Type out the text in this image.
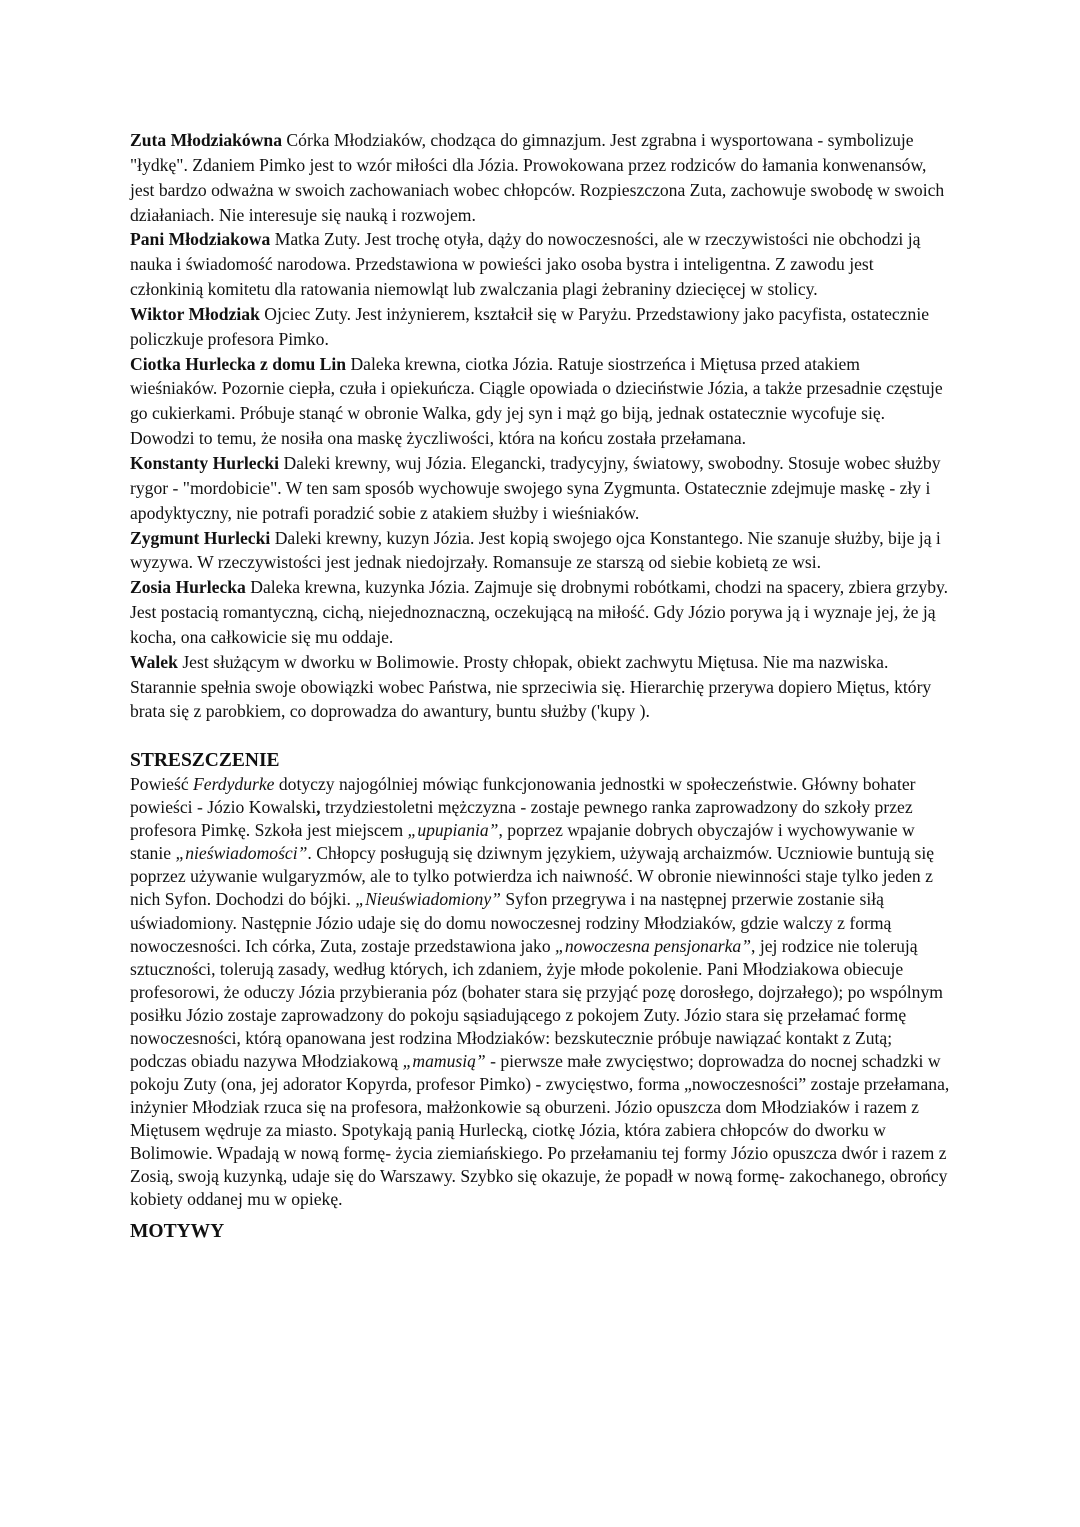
Zuta Młodziakówna Córka Młodziaków, chodząca do gimnazjum. Jest zgrabna i wysportowana - symbolizuje "łydkę". Zdaniem Pimko jest to wzór miłości dla Józia. Prowokowana przez rodziców do łamania konwenansów, jest bardzo odważna w swoich zachowaniach wobec chłopców. Rozpieszczona Zuta, zachowuje swobodę w swoich działaniach. Nie interesuje się nauką i rozwojem.

Pani Młodziakowa Matka Zuty. Jest trochę otyła, dąży do nowoczesności, ale w rzeczywistości nie obchodzi ją nauka i świadomość narodowa. Przedstawiona w powieści jako osoba bystra i inteligentna. Z zawodu jest członkinią komitetu dla ratowania niemowląt lub zwalczania plagi żebraniny dziecięcej w stolicy.

Wiktor Młodziak Ojciec Zuty. Jest inżynierem, kształcił się w Paryżu. Przedstawiony jako pacyfista, ostatecznie policzkuje profesora Pimko.

Ciotka Hurlecka z domu Lin Daleka krewna, ciotka Józia. Ratuje siostrzeńca i Miętusa przed atakiem wieśniaków. Pozornie ciepła, czuła i opiekuńcza. Ciągle opowiada o dzieciństwie Józia, a także przesadnie częstuje go cukierkami. Próbuje stanąć w obronie Walka, gdy jej syn i mąż go biją, jednak ostatecznie wycofuje się. Dowodzi to temu, że nosiła ona maskę życzliwości, która na końcu została przełamana.

Konstanty Hurlecki Daleki krewny, wuj Józia. Elegancki, tradycyjny, światowy, swobodny. Stosuje wobec służby rygor - "mordobicie". W ten sam sposób wychowuje swojego syna Zygmunta. Ostatecznie zdejmuje maskę - zły i apodyktyczny, nie potrafi poradzić sobie z atakiem służby i wieśniaków.

Zygmunt Hurlecki Daleki krewny, kuzyn Józia. Jest kopią swojego ojca Konstantego. Nie szanuje służby, bije ją i wyzywa. W rzeczywistości jest jednak niedojrzały. Romansuje ze starszą od siebie kobietą ze wsi.

Zosia Hurlecka Daleka krewna, kuzynka Józia. Zajmuje się drobnymi robótkami, chodzi na spacery, zbiera grzyby. Jest postacią romantyczną, cichą, niejednoznaczną, oczekującą na miłość. Gdy Józio porywa ją i wyznaje jej, że ją kocha, ona całkowicie się mu oddaje.

Walek Jest służącym w dworku w Bolimowie. Prosty chłopak, obiekt zachwytu Miętusa. Nie ma nazwiska. Starannie spełnia swoje obowiązki wobec Państwa, nie sprzeciwia się. Hierarchię przerywa dopiero Miętus, który brata się z parobkiem, co doprowadza do awantury, buntu służby ('kupy ).

STRESZCZENIE

Powieść Ferdydurke dotyczy najogólniej mówiąc funkcjonowania jednostki w społeczeństwie. Główny bohater powieści - Józio Kowalski, trzydziestoletni mężczyzna - zostaje pewnego ranka zaprowadzony do szkoły przez profesora Pimkę. Szkoła jest miejscem „upupiania”, poprzez wpajanie dobrych obyczajów i wychowywanie w stanie „nieświadomości”. Chłopcy posługują się dziwnym językiem, używają archaizmów. Uczniowie buntują się poprzez używanie wulgaryzmów, ale to tylko potwierdza ich naiwność. W obronie niewinności staje tylko jeden z nich Syfon. Dochodzi do bójki. „Nieuświadomiony” Syfon przegrywa i na następnej przerwie zostanie siłą uświadomiony. Następnie Józio udaje się do domu nowoczesnej rodziny Młodziaków, gdzie walczy z formą nowoczesności. Ich córka, Zuta, zostaje przedstawiona jako „nowoczesna pensjonarka”, jej rodzice nie tolerują sztuczności, tolerują zasady, według których, ich zdaniem, żyje młode pokolenie. Pani Młodziakowa obiecuje profesorowi, że oduczy Józia przybierania póz (bohater stara się przyjąć pozę dorosłego, dojrzałego); po wspólnym posiłku Józio zostaje zaprowadzony do pokoju sąsiadującego z pokojem Zuty. Józio stara się przełamać formę nowoczesności, którą opanowana jest rodzina Młodziaków: bezskutecznie próbuje nawiązać kontakt z Zutą; podczas obiadu nazywa Młodziakową „mamusią” - pierwsze małe zwycięstwo; doprowadza do nocnej schadzki w pokoju Zuty (ona, jej adorator Kopyrda, profesor Pimko) - zwycięstwo, forma „nowoczesności” zostaje przełamana, inżynier Młodziak rzuca się na profesora, małżonkowie są oburzeni. Józio opuszcza dom Młodziaków i razem z Miętusem wędruje za miasto. Spotykają panią Hurlecką, ciotkę Józia, która zabiera chłopców do dworku w Bolimowie. Wpadają w nową formę- życia ziemiańskiego. Po przełamaniu tej formy Józio opuszcza dwór i razem z Zosią, swoją kuzynką, udaje się do Warszawy. Szybko się okazuje, że popadł w nową formę- zakochanego, obrońcy kobiety oddanej mu w opiekę.

MOTYWY
